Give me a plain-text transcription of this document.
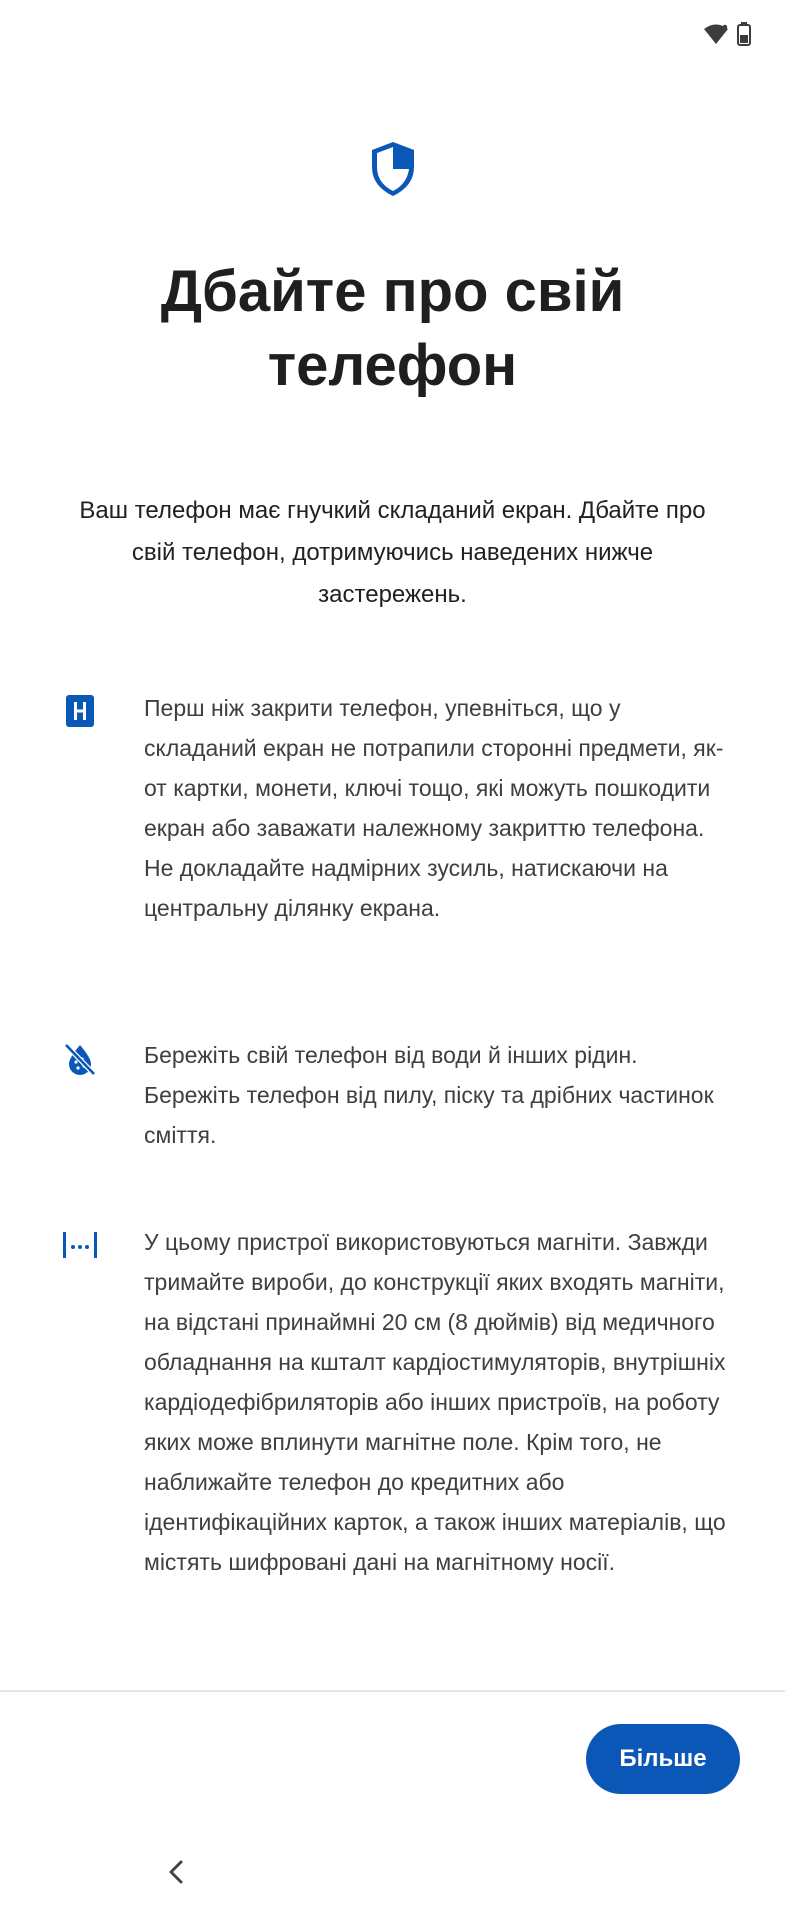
Дбайте про свій телефон

Ваш телефон має гнучкий складаний екран. Дбайте про свій телефон, дотримуючись наведених нижче застережень.

Перш ніж закрити телефон, упевніться, що у складаний екран не потрапили сторонні предмети, як-от картки, монети, ключі тощо, які можуть пошкодити екран або заважати належному закриттю телефона. Не докладайте надмірних зусиль, натискаючи на центральну ділянку екрана.

Бережіть свій телефон від води й інших рідин. Бережіть телефон від пилу, піску та дрібних частинок сміття.

У цьому пристрої використовуються магніти. Завжди тримайте вироби, до конструкції яких входять магніти, на відстані принаймні 20 см (8 дюймів) від медичного обладнання на кшталт кардіостимуляторів, внутрішніх кардіодефібриляторів або інших пристроїв, на роботу яких може вплинути магнітне поле. Крім того, не наближайте телефон до кредитних або ідентифікаційних карток, а також інших матеріалів, що містять шифровані дані на магнітному носії.

Більше
